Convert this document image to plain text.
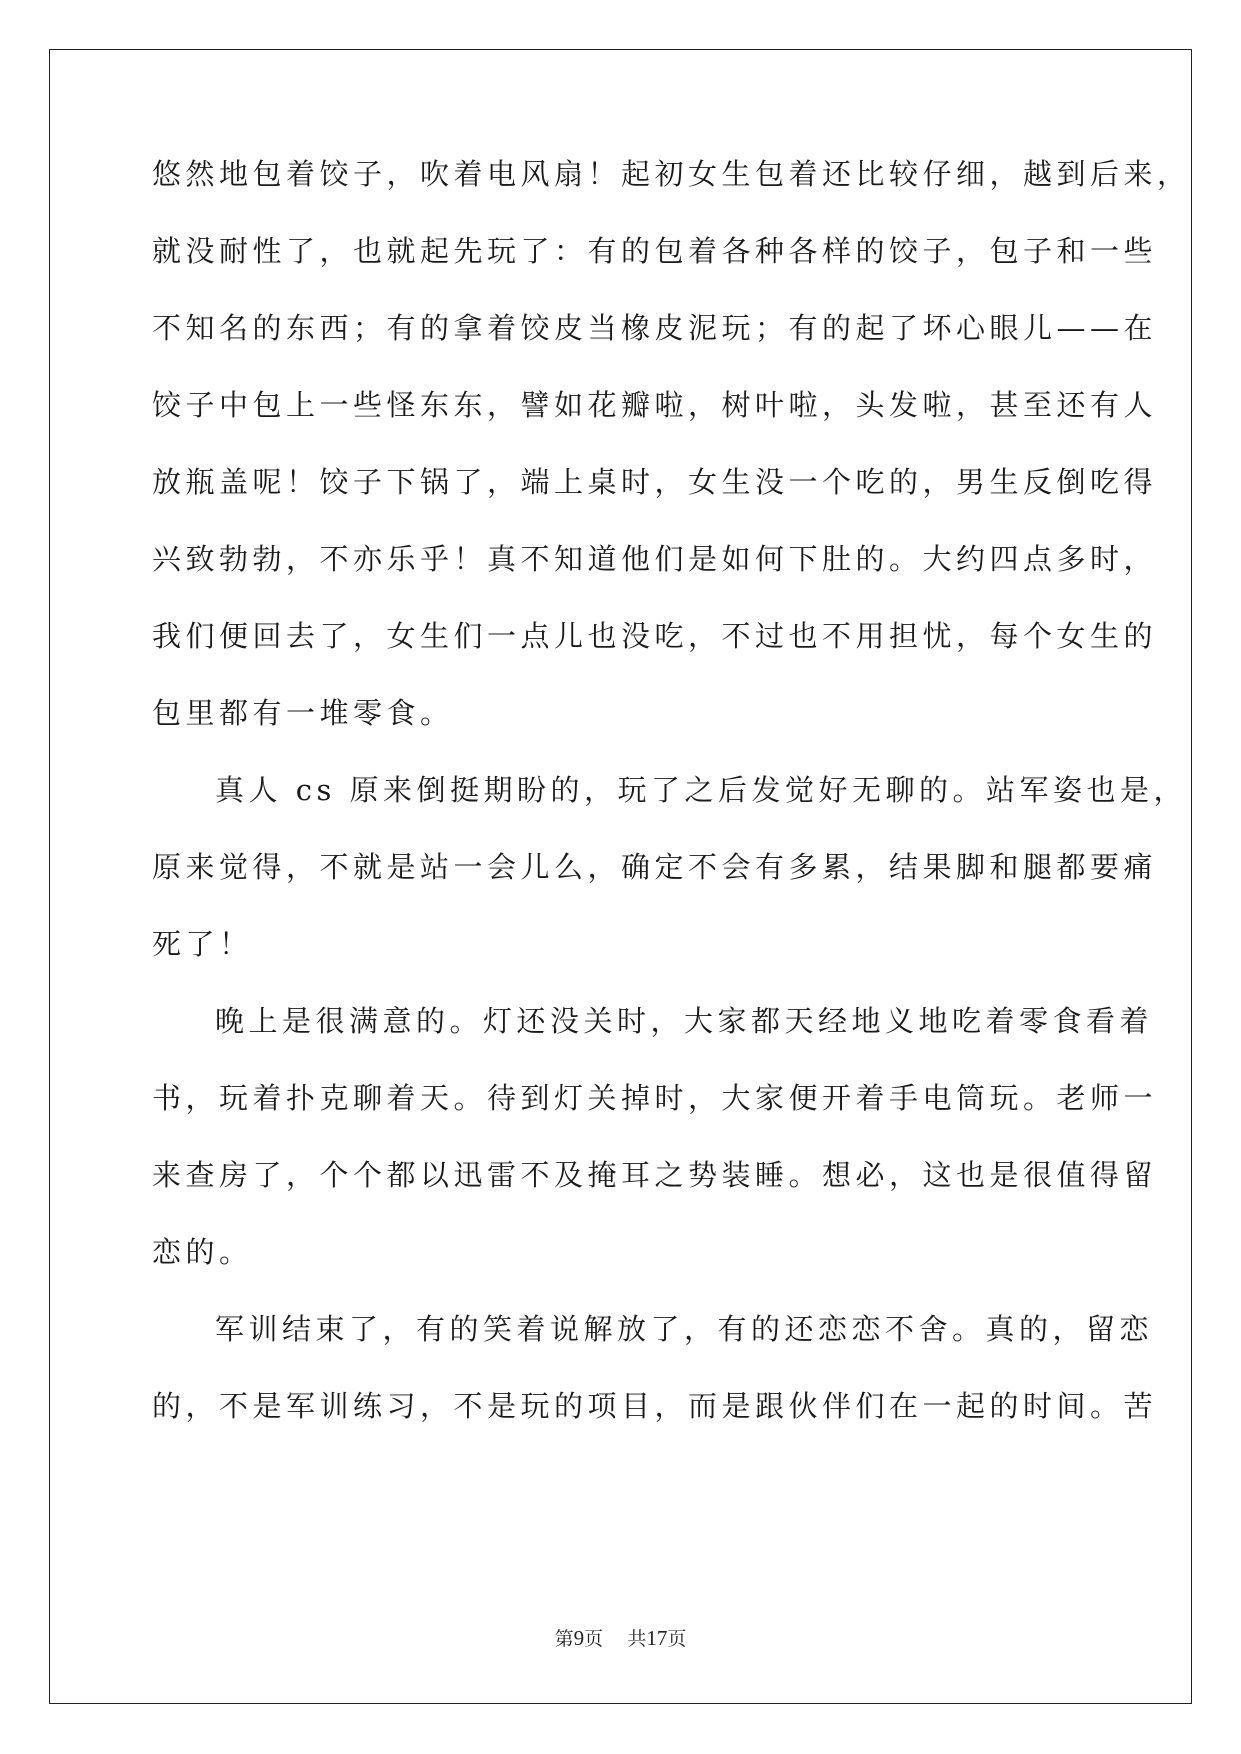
悠然地包着饺子，吹着电风扇！起初女生包着还比较仔细，越到后来，
就没耐性了，也就起先玩了：有的包着各种各样的饺子，包子和一些
不知名的东西；有的拿着饺皮当橡皮泥玩；有的起了坏心眼儿——在
饺子中包上一些怪东东，譬如花瓣啦，树叶啦，头发啦，甚至还有人
放瓶盖呢！饺子下锅了，端上桌时，女生没一个吃的，男生反倒吃得
兴致勃勃，不亦乐乎！真不知道他们是如何下肚的。大约四点多时，
我们便回去了，女生们一点儿也没吃，不过也不用担忧，每个女生的
包里都有一堆零食。
真人 cs 原来倒挺期盼的，玩了之后发觉好无聊的。站军姿也是，
原来觉得，不就是站一会儿么，确定不会有多累，结果脚和腿都要痛
死了！
晚上是很满意的。灯还没关时，大家都天经地义地吃着零食看着
书，玩着扑克聊着天。待到灯关掉时，大家便开着手电筒玩。老师一
来查房了，个个都以迅雷不及掩耳之势装睡。想必，这也是很值得留
恋的。
军训结束了，有的笑着说解放了，有的还恋恋不舍。真的，留恋
的，不是军训练习，不是玩的项目，而是跟伙伴们在一起的时间。苦
第9页 共17页
